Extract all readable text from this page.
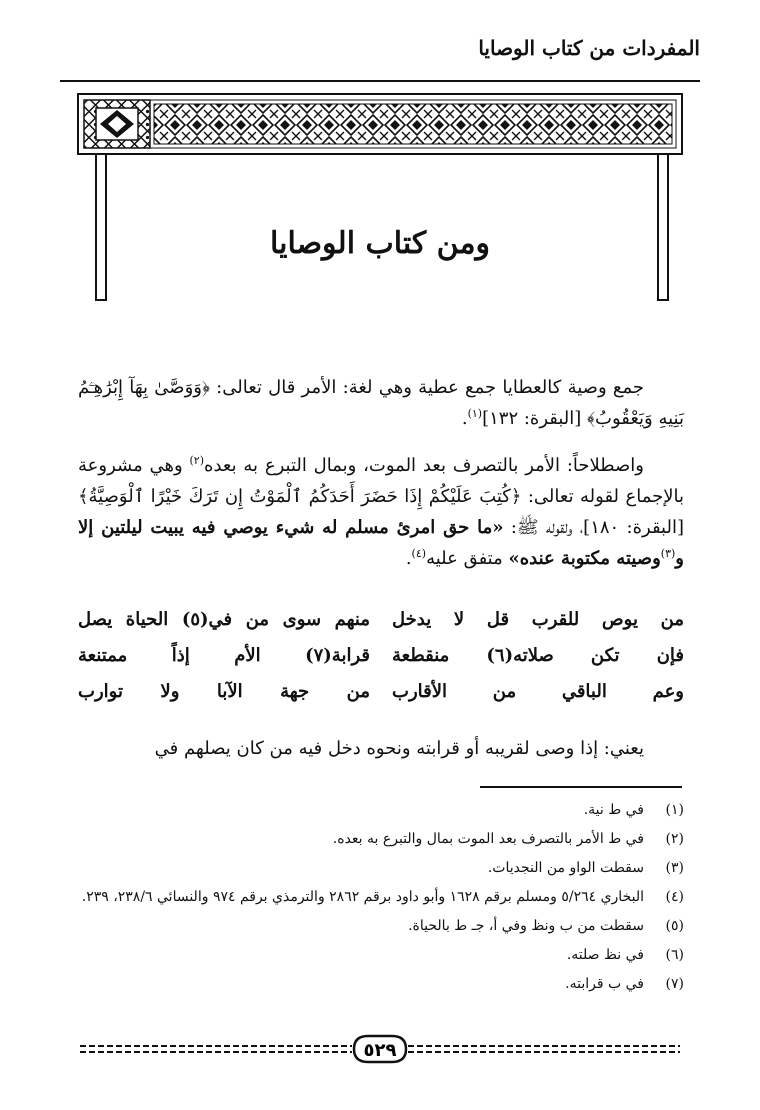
المفردات من كتاب الوصايا
ومن كتاب الوصايا

جمع وصية كالعطايا جمع عطية وهي لغة: الأمر قال تعالى: ﴿وَوَصَّىٰ بِهَآ إِبْرَٰهِـۧمُ بَنِيهِ وَيَعْقُوبُ﴾ [البقرة: ١٣٢]$^{(١)}$.

واصطلاحاً: الأمر بالتصرف بعد الموت، وبمال التبرع به بعده$^{(٢)}$ وهي مشروعة بالإجماع لقوله تعالى: ﴿كُتِبَ عَلَيْكُمْ إِذَا حَضَرَ أَحَدَكُمُ ٱلْمَوْتُ إِن تَرَكَ خَيْرًا ٱلْوَصِيَّةُ﴾ [البقرة: ١٨٠]، ولقوله ﷺ: «ما حق امرئ مسلم له شيء يوصي فيه يبيت ليلتين إلا و$^{(٣)}$وصيته مكتوبة عنده» متفق عليه$^{(٤)}$.

من يوص للقرب قل لا يدخل
منهم سوى من في(٥) الحياة يصل
فإن تكن صلاته(٦) منقطعة
قرابة(٧) الأم إذاً ممتنعة
وعم الباقي من الأقارب
من جهة الآبا ولا توارب
يعني: إذا وصى لقريبه أو قرابته ونحوه دخل فيه من كان يصلهم في
(١)
في ط نية.
(٢)
في ط الأمر بالتصرف بعد الموت بمال والتبرع به بعده.
(٣)
سقطت الواو من النجديات.
(٤)
البخاري ٥/٢٦٤ ومسلم برقم ١٦٢٨ وأبو داود برقم ٢٨٦٢ والترمذي برقم ٩٧٤ والنسائي ٢٣٨/٦، ٢٣٩.
(٥)
سقطت من ب ونظ وفي أ، جـ ط بالحياة.
(٦)
في نظ صلته.
(٧)
في ب قرابته.
٥٢٩
